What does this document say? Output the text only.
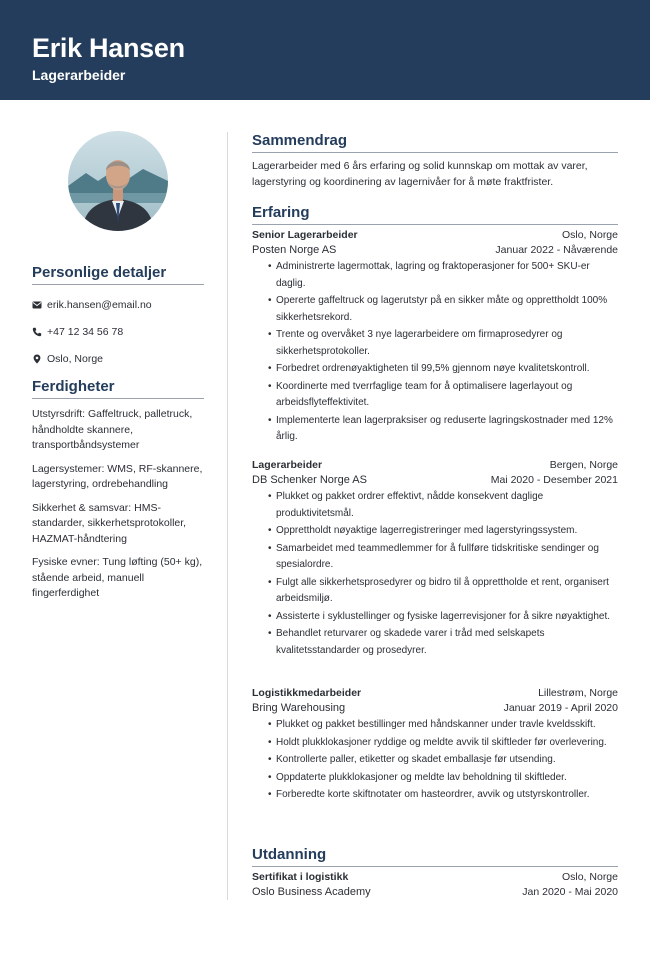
Erik Hansen
Lagerarbeider
Personlige detaljer
erik.hansen@email.no
+47 12 34 56 78
Oslo, Norge
Ferdigheter
Utstyrsdrift: Gaffeltruck, palletruck, håndholdte skannere, transportbåndsystemer
Lagersystemer: WMS, RF-skannere, lagerstyring, ordrebehandling
Sikkerhet & samsvar: HMS-standarder, sikkerhetsprotokoller, HAZMAT-håndtering
Fysiske evner: Tung løfting (50+ kg), stående arbeid, manuell fingerferdighet
Sammendrag
Lagerarbeider med 6 års erfaring og solid kunnskap om mottak av varer, lagerstyring og koordinering av lagernivåer for å møte fraktfrister.
Erfaring
Senior Lagerarbeider	Oslo, Norge
Posten Norge AS	Januar 2022 - Nåværende
• Administrerte lagermottak, lagring og fraktoperasjoner for 500+ SKU-er daglig.
• Opererte gaffeltruck og lagerutstyr på en sikker måte og opprettholdt 100% sikkerhetsrekord.
• Trente og overvåket 3 nye lagerarbeidere om firmaprosedyrer og sikkerhetsprotokoller.
• Forbedret ordrenøyaktigheten til 99,5% gjennom nøye kvalitetskontroll.
• Koordinerte med tverrfaglige team for å optimalisere lagerlayout og arbeidsflyteffektivitet.
• Implementerte lean lagerpraksiser og reduserte lagringskostnader med 12% årlig.
Lagerarbeider	Bergen, Norge
DB Schenker Norge AS	Mai 2020 - Desember 2021
• Plukket og pakket ordrer effektivt, nådde konsekvent daglige produktivitetsmål.
• Opprettholdt nøyaktige lagerregistreringer med lagerstyringssystem.
• Samarbeidet med teammedlemmer for å fullføre tidskritiske sendinger og spesialordre.
• Fulgt alle sikkerhetsprosedyrer og bidro til å opprettholde et rent, organisert arbeidsmiljø.
• Assisterte i syklustellinger og fysiske lagerrevisjoner for å sikre nøyaktighet.
• Behandlet returvarer og skadede varer i tråd med selskapets kvalitetsstandarder og prosedyrer.
Logistikkmedarbeider	Lillestrøm, Norge
Bring Warehousing	Januar 2019 - April 2020
• Plukket og pakket bestillinger med håndskanner under travle kveldsskift.
• Holdt plukklokasjoner ryddige og meldte avvik til skiftleder før overlevering.
• Kontrollerte paller, etiketter og skadet emballasje før utsending.
• Oppdaterte plukklokasjoner og meldte lav beholdning til skiftleder.
• Forberedte korte skiftnotater om hasteordrer, avvik og utstyrskontroller.
Utdanning
Sertifikat i logistikk	Oslo, Norge
Oslo Business Academy	Jan 2020 - Mai 2020
